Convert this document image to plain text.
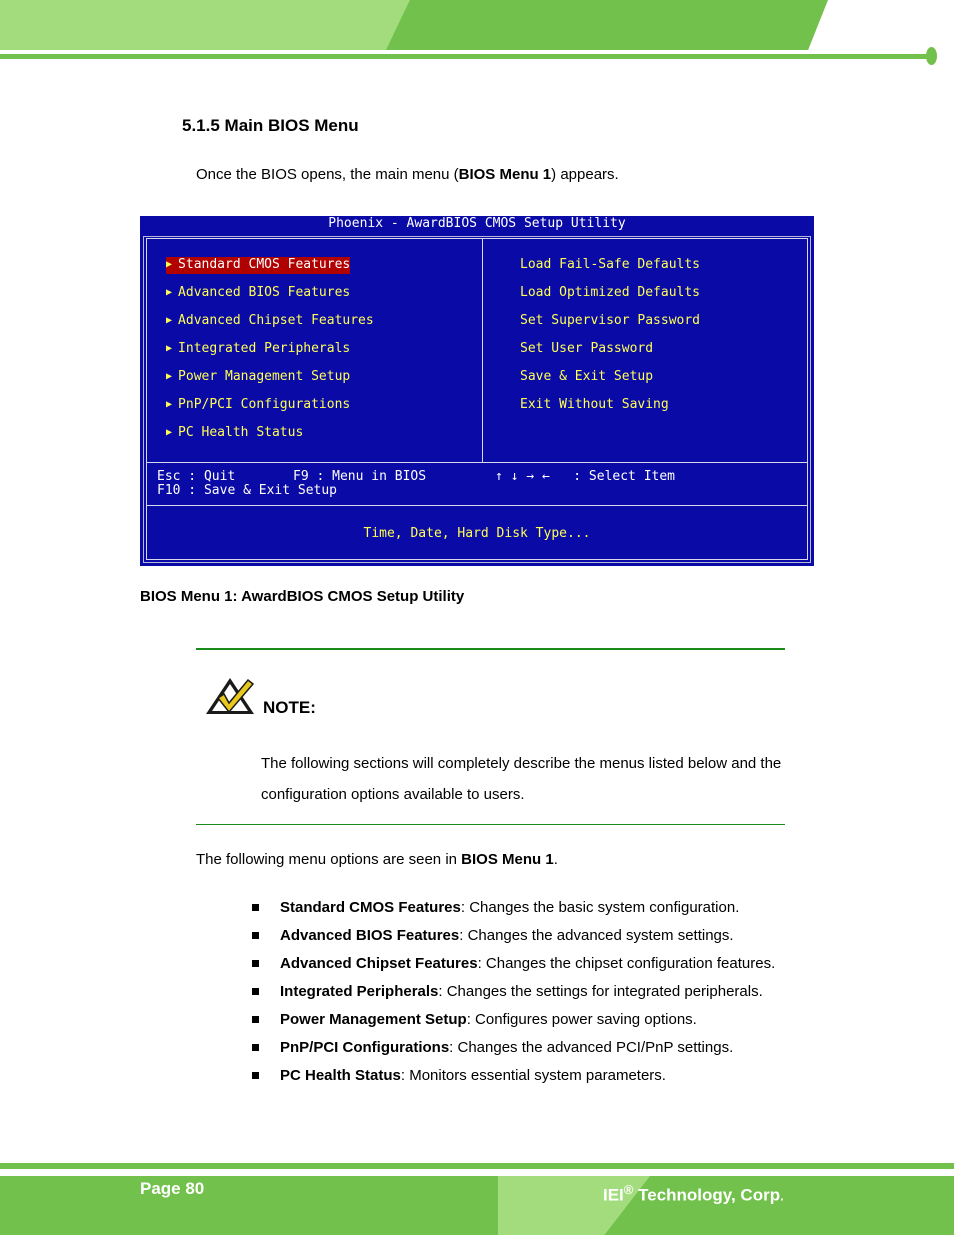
5.1.5 Main BIOS Menu

Once the BIOS opens, the main menu (BIOS Menu 1) appears.

Phoenix - AwardBIOS CMOS Setup Utility
▶ Standard CMOS Features
▶ Advanced BIOS Features
▶ Advanced Chipset Features
▶ Integrated Peripherals
▶ Power Management Setup
▶ PnP/PCI Configurations
▶ PC Health Status
Load Fail-Safe Defaults
Load Optimized Defaults
Set Supervisor Password
Set User Password
Save & Exit Setup
Exit Without Saving
Esc : Quit	F9 : Menu in BIOS	↑ ↓ → ←   : Select Item
F10 : Save & Exit Setup
Time, Date, Hard Disk Type...

BIOS Menu 1: AwardBIOS CMOS Setup Utility

NOTE:

The following sections will completely describe the menus listed below and the configuration options available to users.

The following menu options are seen in BIOS Menu 1.

Standard CMOS Features: Changes the basic system configuration.
Advanced BIOS Features: Changes the advanced system settings.
Advanced Chipset Features: Changes the chipset configuration features.
Integrated Peripherals: Changes the settings for integrated peripherals.
Power Management Setup: Configures power saving options.
PnP/PCI Configurations: Changes the advanced PCI/PnP settings.
PC Health Status: Monitors essential system parameters.
Page 80	IEI® Technology, Corp.
